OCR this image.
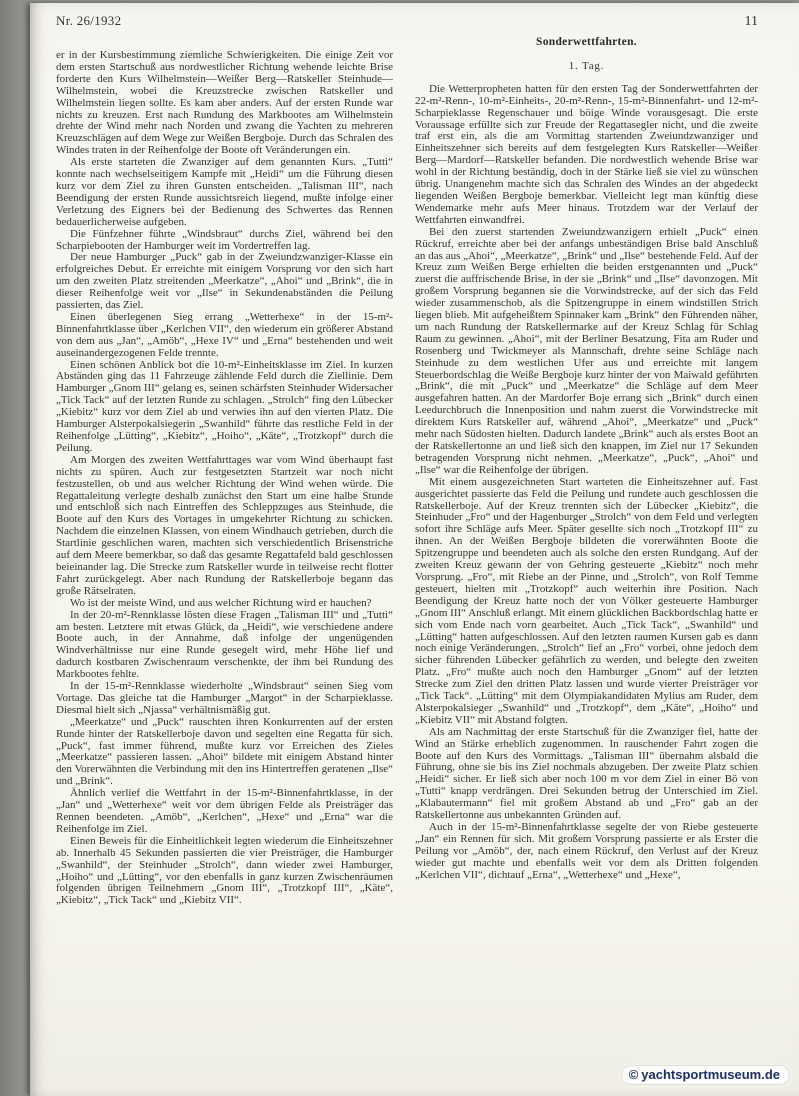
Nr. 26/1932	11

er in der Kursbestimmung ziemliche Schwierigkeiten. Die einige Zeit vor dem ersten Startschuß aus nordwestlicher Richtung wehende leichte Brise forderte den Kurs Wilhelmstein—Weißer Berg—Ratskeller Steinhude—Wilhelmstein, wobei die Kreuzstrecke zwischen Ratskeller und Wilhelmstein liegen sollte. Es kam aber anders. Auf der ersten Runde war nichts zu kreuzen. Erst nach Rundung des Markbootes am Wilhelmstein drehte der Wind mehr nach Norden und zwang die Yachten zu mehreren Kreuzschlägen auf dem Wege zur Weißen Bergboje. Durch das Schralen des Windes traten in der Reihenfolge der Boote oft Veränderungen ein.

Als erste starteten die Zwanziger auf dem genannten Kurs. „Tutti“ konnte nach wechselseitigem Kampfe mit „Heidi“ um die Führung diesen kurz vor dem Ziel zu ihren Gunsten entscheiden. „Talisman III“, nach Beendigung der ersten Runde aussichtsreich liegend, mußte infolge einer Verletzung des Eigners bei der Bedienung des Schwertes das Rennen bedauerlicherweise aufgeben.

Die Fünfzehner führte „Windsbraut“ durchs Ziel, während bei den Scharpiebooten der Hamburger weit im Vordertreffen lag.

Der neue Hamburger „Puck“ gab in der Zweiundzwanziger-Klasse ein erfolgreiches Debut. Er erreichte mit einigem Vorsprung vor den sich hart um den zweiten Platz streitenden „Meerkatze“, „Ahoi“ und „Brink“, die in dieser Reihenfolge weit vor „Ilse“ in Sekundenabständen die Peilung passierten, das Ziel.

Einen überlegenen Sieg errang „Wetterhexe“ in der 15-m²-Binnenfahrtklasse über „Kerlchen VII“, den wiederum ein größerer Abstand von dem aus „Jan“, „Amöb“, „Hexe IV“ und „Erna“ bestehenden und weit auseinandergezogenen Felde trennte.

Einen schönen Anblick bot die 10-m²-Einheitsklasse im Ziel. In kurzen Abständen ging das 11 Fahrzeuge zählende Feld durch die Ziellinie. Dem Hamburger „Gnom III“ gelang es, seinen schärfsten Steinhuder Widersacher „Tick Tack“ auf der letzten Runde zu schlagen. „Strolch“ fing den Lübecker „Kiebitz“ kurz vor dem Ziel ab und verwies ihn auf den vierten Platz. Die Hamburger Alsterpokalsiegerin „Swanhild“ führte das restliche Feld in der Reihenfolge „Lütting“, „Kiebitz“, „Hoiho“, „Käte“, „Trotzkopf“ durch die Peilung.

Am Morgen des zweiten Wettfahrttages war vom Wind überhaupt fast nichts zu spüren. Auch zur festgesetzten Startzeit war noch nicht festzustellen, ob und aus welcher Richtung der Wind wehen würde. Die Regattaleitung verlegte deshalb zunächst den Start um eine halbe Stunde und entschloß sich nach Eintreffen des Schleppzuges aus Steinhude, die Boote auf den Kurs des Vortages in umgekehrter Richtung zu schicken. Nachdem die einzelnen Klassen, von einem Windhauch getrieben, durch die Startlinie geschlichen waren, machten sich verschiedentlich Brisenstriche auf dem Meere bemerkbar, so daß das gesamte Regattafeld bald geschlossen beieinander lag. Die Strecke zum Ratskeller wurde in teilweise recht flotter Fahrt zurückgelegt. Aber nach Rundung der Ratskellerboje begann das große Rätselraten.

Wo ist der meiste Wind, und aus welcher Richtung wird er hauchen?

In der 20-m²-Rennklasse lösten diese Fragen „Talisman III“ und „Tutti“ am besten. Letztere mit etwas Glück, da „Heidi“, wie verschiedene andere Boote auch, in der Annahme, daß infolge der ungenügenden Windverhältnisse nur eine Runde gesegelt wird, mehr Höhe lief und dadurch kostbaren Zwischenraum verschenkte, der ihm bei Rundung des Markbootes fehlte.

In der 15-m²-Rennklasse wiederholte „Windsbraut“ seinen Sieg vom Vortage. Das gleiche tat die Hamburger „Margot“ in der Scharpieklasse. Diesmal hielt sich „Njassa“ verhältnismäßig gut.

„Meerkatze“ und „Puck“ rauschten ihren Konkurrenten auf der ersten Runde hinter der Ratskellerboje davon und segelten eine Regatta für sich. „Puck“, fast immer führend, mußte kurz vor Erreichen des Zieles „Meerkatze“ passieren lassen. „Ahoi“ bildete mit einigem Abstand hinter den Vorerwähnten die Verbindung mit den ins Hintertreffen geratenen „Ilse“ und „Brink“.

Ähnlich verlief die Wettfahrt in der 15-m²-Binnenfahrtklasse, in der „Jan“ und „Wetterhexe“ weit vor dem übrigen Felde als Preisträger das Rennen beendeten. „Amöb“, „Kerlchen“, „Hexe“ und „Erna“ war die Reihenfolge im Ziel.

Einen Beweis für die Einheitlichkeit legten wiederum die Einheitszehner ab. Innerhalb 45 Sekunden passierten die vier Preisträger, die Hamburger „Swanhild“, der Steinhuder „Strolch“, dann wieder zwei Hamburger, „Hoiho“ und „Lütting“, vor den ebenfalls in ganz kurzen Zwischenräumen folgenden übrigen Teilnehmern „Gnom III“, „Trotzkopf III“, „Käte“, „Kiebitz“, „Tick Tack“ und „Kiebitz VII“.

Sonderwettfahrten.
1. Tag.

Die Wetterpropheten hatten für den ersten Tag der Sonderwettfahrten der 22-m²-Renn-, 10-m²-Einheits-, 20-m²-Renn-, 15-m²-Binnenfahrt- und 12-m²-Scharpieklasse Regenschauer und böige Winde vorausgesagt. Die erste Voraussage erfüllte sich zur Freude der Regattasegler nicht, und die zweite traf erst ein, als die am Vormittag startenden Zweiundzwanziger und Einheitszehner sich bereits auf dem festgelegten Kurs Ratskeller—Weißer Berg—Mardorf—Ratskeller befanden. Die nordwestlich wehende Brise war wohl in der Richtung beständig, doch in der Stärke ließ sie viel zu wünschen übrig. Unangenehm machte sich das Schralen des Windes an der abgedeckt liegenden Weißen Bergboje bemerkbar. Vielleicht legt man künftig diese Wendemarke mehr aufs Meer hinaus. Trotzdem war der Verlauf der Wettfahrten einwandfrei.

Bei den zuerst startenden Zweiundzwanzigern erhielt „Puck“ einen Rückruf, erreichte aber bei der anfangs unbeständigen Brise bald Anschluß an das aus „Ahoi“, „Meerkatze“, „Brink“ und „Ilse“ bestehende Feld. Auf der Kreuz zum Weißen Berge erhielten die beiden erstgenannten und „Puck“ zuerst die auffrischende Brise, in der sie „Brink“ und „Ilse“ davonzogen. Mit großem Vorsprung begannen sie die Vorwindstrecke, auf der sich das Feld wieder zusammenschob, als die Spitzengruppe in einem windstillen Strich liegen blieb. Mit aufgeheißtem Spinnaker kam „Brink“ den Führenden näher, um nach Rundung der Ratskellermarke auf der Kreuz Schlag für Schlag Raum zu gewinnen. „Ahoi“, mit der Berliner Besatzung, Fita am Ruder und Rosenberg und Twickmeyer als Mannschaft, drehte seine Schläge nach Steinhude zu dem westlichen Ufer aus und erreichte mit langem Steuerbordschlag die Weiße Bergboje kurz hinter der von Maiwald geführten „Brink“, die mit „Puck“ und „Meerkatze“ die Schläge auf dem Meer ausgefahren hatten. An der Mardorfer Boje errang sich „Brink“ durch einen Leedurchbruch die Innenposition und nahm zuerst die Vorwindstrecke mit direktem Kurs Ratskeller auf, während „Ahoi“, „Meerkatze“ und „Puck“ mehr nach Südosten hielten. Dadurch landete „Brink“ auch als erstes Boot an der Ratskellertonne an und ließ sich den knappen, im Ziel nur 17 Sekunden betragenden Vorsprung nicht nehmen. „Meerkatze“, „Puck“, „Ahoi“ und „Ilse“ war die Reihenfolge der übrigen.

Mit einem ausgezeichneten Start warteten die Einheitszehner auf. Fast ausgerichtet passierte das Feld die Peilung und rundete auch geschlossen die Ratskellerboje. Auf der Kreuz trennten sich der Lübecker „Kiebitz“, die Steinhuder „Fro“ und der Hagenburger „Strolch“ von dem Feld und verlegten sofort ihre Schläge aufs Meer. Später gesellte sich noch „Trotzkopf III“ zu ihnen. An der Weißen Bergboje bildeten die vorerwähnten Boote die Spitzengruppe und beendeten auch als solche den ersten Rundgang. Auf der zweiten Kreuz gewann der von Gehring gesteuerte „Kiebitz“ noch mehr Vorsprung. „Fro“, mit Riebe an der Pinne, und „Strolch“, von Rolf Temme gesteuert, hielten mit „Trotzkopf“ auch weiterhin ihre Position. Nach Beendigung der Kreuz hatte noch der von Völker gesteuerte Hamburger „Gnom III“ Anschluß erlangt. Mit einem glücklichen Backbordschlag hatte er sich vom Ende nach vorn gearbeitet. Auch „Tick Tack“, „Swanhild“ und „Lütting“ hatten aufgeschlossen. Auf den letzten raumen Kursen gab es dann noch einige Veränderungen. „Strolch“ lief an „Fro“ vorbei, ohne jedoch dem sicher führenden Lübecker gefährlich zu werden, und belegte den zweiten Platz. „Fro“ mußte auch noch den Hamburger „Gnom“ auf der letzten Strecke zum Ziel den dritten Platz lassen und wurde vierter Preisträger vor „Tick Tack“. „Lütting“ mit dem Olympiakandidaten Mylius am Ruder, dem Alsterpokalsieger „Swanhild“ und „Trotzkopf“, dem „Käte“, „Hoiho“ und „Kiebitz VII“ mit Abstand folgten.

Als am Nachmittag der erste Startschuß für die Zwanziger fiel, hatte der Wind an Stärke erheblich zugenommen. In rauschender Fahrt zogen die Boote auf den Kurs des Vormittags. „Talisman III“ übernahm alsbald die Führung, ohne sie bis ins Ziel nochmals abzugeben. Der zweite Platz schien „Heidi“ sicher. Er ließ sich aber noch 100 m vor dem Ziel in einer Bö von „Tutti“ knapp verdrängen. Drei Sekunden betrug der Unterschied im Ziel. „Klabautermann“ fiel mit großem Abstand ab und „Fro“ gab an der Ratskellertonne aus unbekannten Gründen auf.

Auch in der 15-m²-Binnenfahrtklasse segelte der von Riebe gesteuerte „Jan“ ein Rennen für sich. Mit großem Vorsprung passierte er als Erster die Peilung vor „Amöb“, der, nach einem Rückruf, den Verlust auf der Kreuz wieder gut machte und ebenfalls weit vor dem als Dritten folgenden „Kerlchen VII“, dichtauf „Erna“, „Wetterhexe“ und „Hexe“,

© yachtsportmuseum.de
